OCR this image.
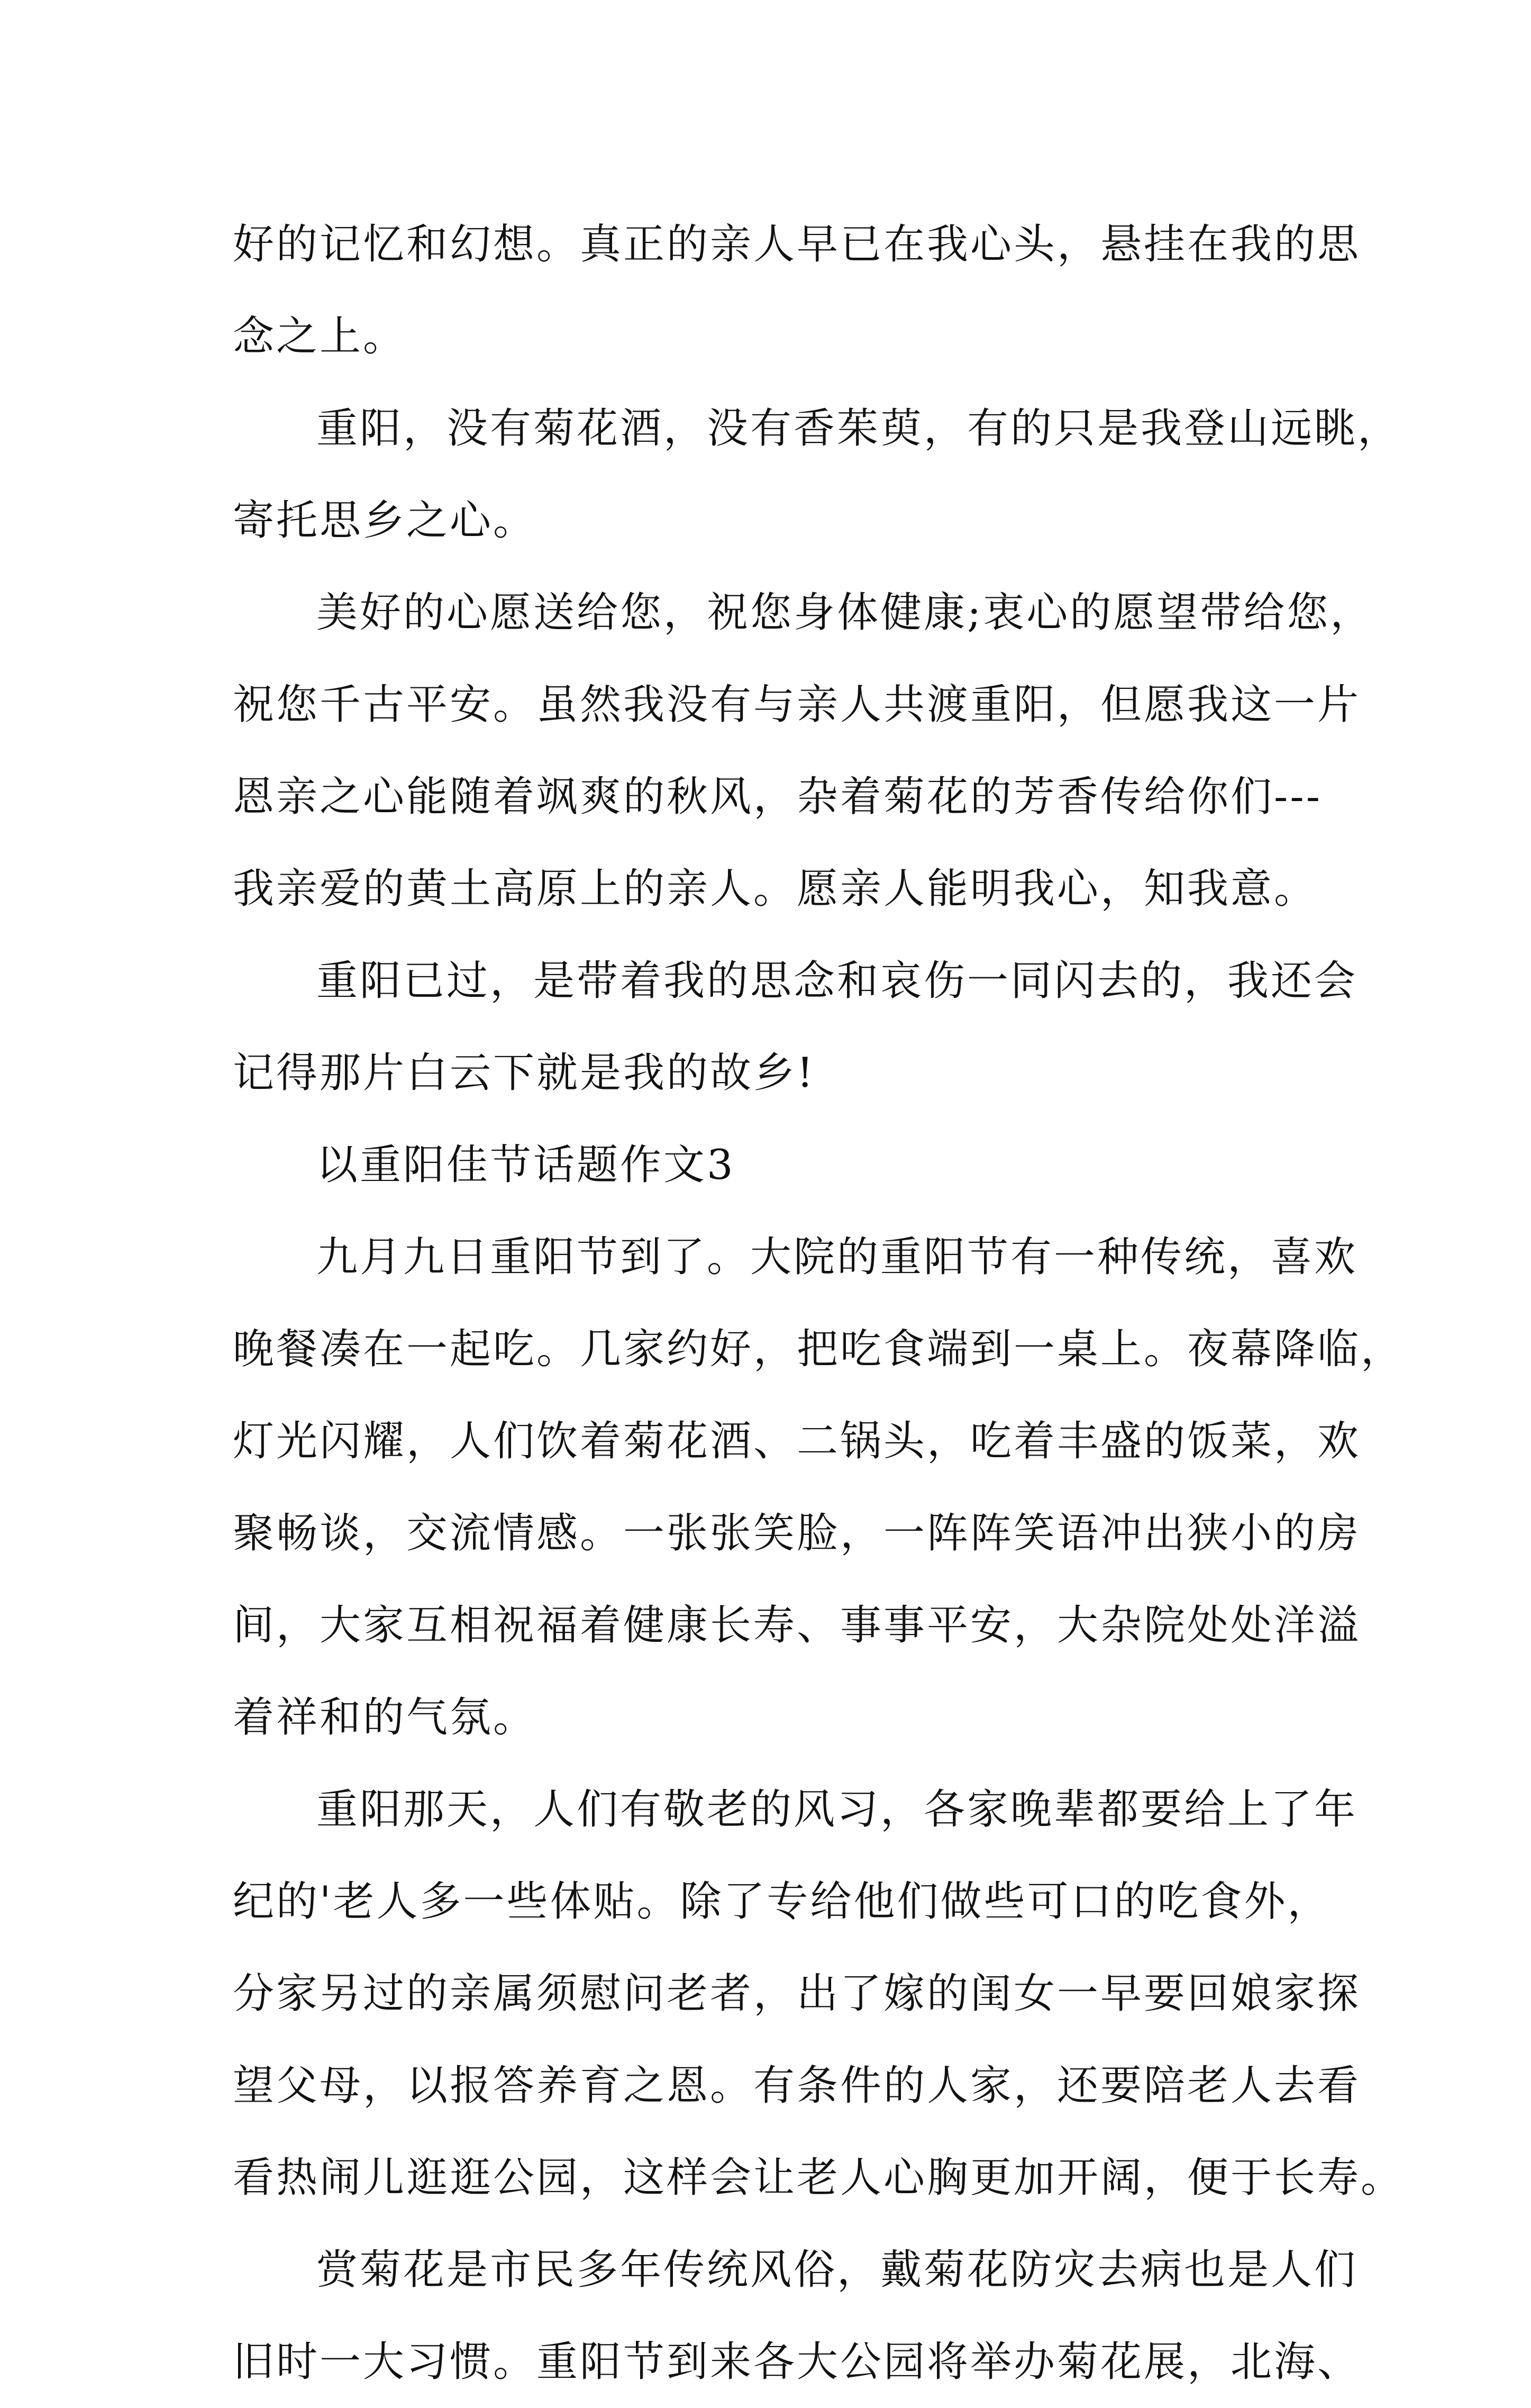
好的记忆和幻想。真正的亲人早已在我心头，悬挂在我的思

念之上。

重阳，没有菊花酒，没有香茱萸，有的只是我登山远眺，

寄托思乡之心。

美好的心愿送给您，祝您身体健康;衷心的愿望带给您，

祝您千古平安。虽然我没有与亲人共渡重阳，但愿我这一片

恩亲之心能随着飒爽的秋风，杂着菊花的芳香传给你们---

我亲爱的黄土高原上的亲人。愿亲人能明我心，知我意。

重阳已过，是带着我的思念和哀伤一同闪去的，我还会

记得那片白云下就是我的故乡!

以重阳佳节话题作文3

九月九日重阳节到了。大院的重阳节有一种传统，喜欢

晚餐凑在一起吃。几家约好，把吃食端到一桌上。夜幕降临，

灯光闪耀，人们饮着菊花酒、二锅头，吃着丰盛的饭菜，欢

聚畅谈，交流情感。一张张笑脸，一阵阵笑语冲出狭小的房

间，大家互相祝福着健康长寿、事事平安，大杂院处处洋溢

着祥和的气氛。

重阳那天，人们有敬老的风习，各家晚辈都要给上了年

纪的'老人多一些体贴。除了专给他们做些可口的吃食外，

分家另过的亲属须慰问老者，出了嫁的闺女一早要回娘家探

望父母，以报答养育之恩。有条件的人家，还要陪老人去看

看热闹儿逛逛公园，这样会让老人心胸更加开阔，便于长寿。

赏菊花是市民多年传统风俗，戴菊花防灾去病也是人们

旧时一大习惯。重阳节到来各大公园将举办菊花展，北海、
